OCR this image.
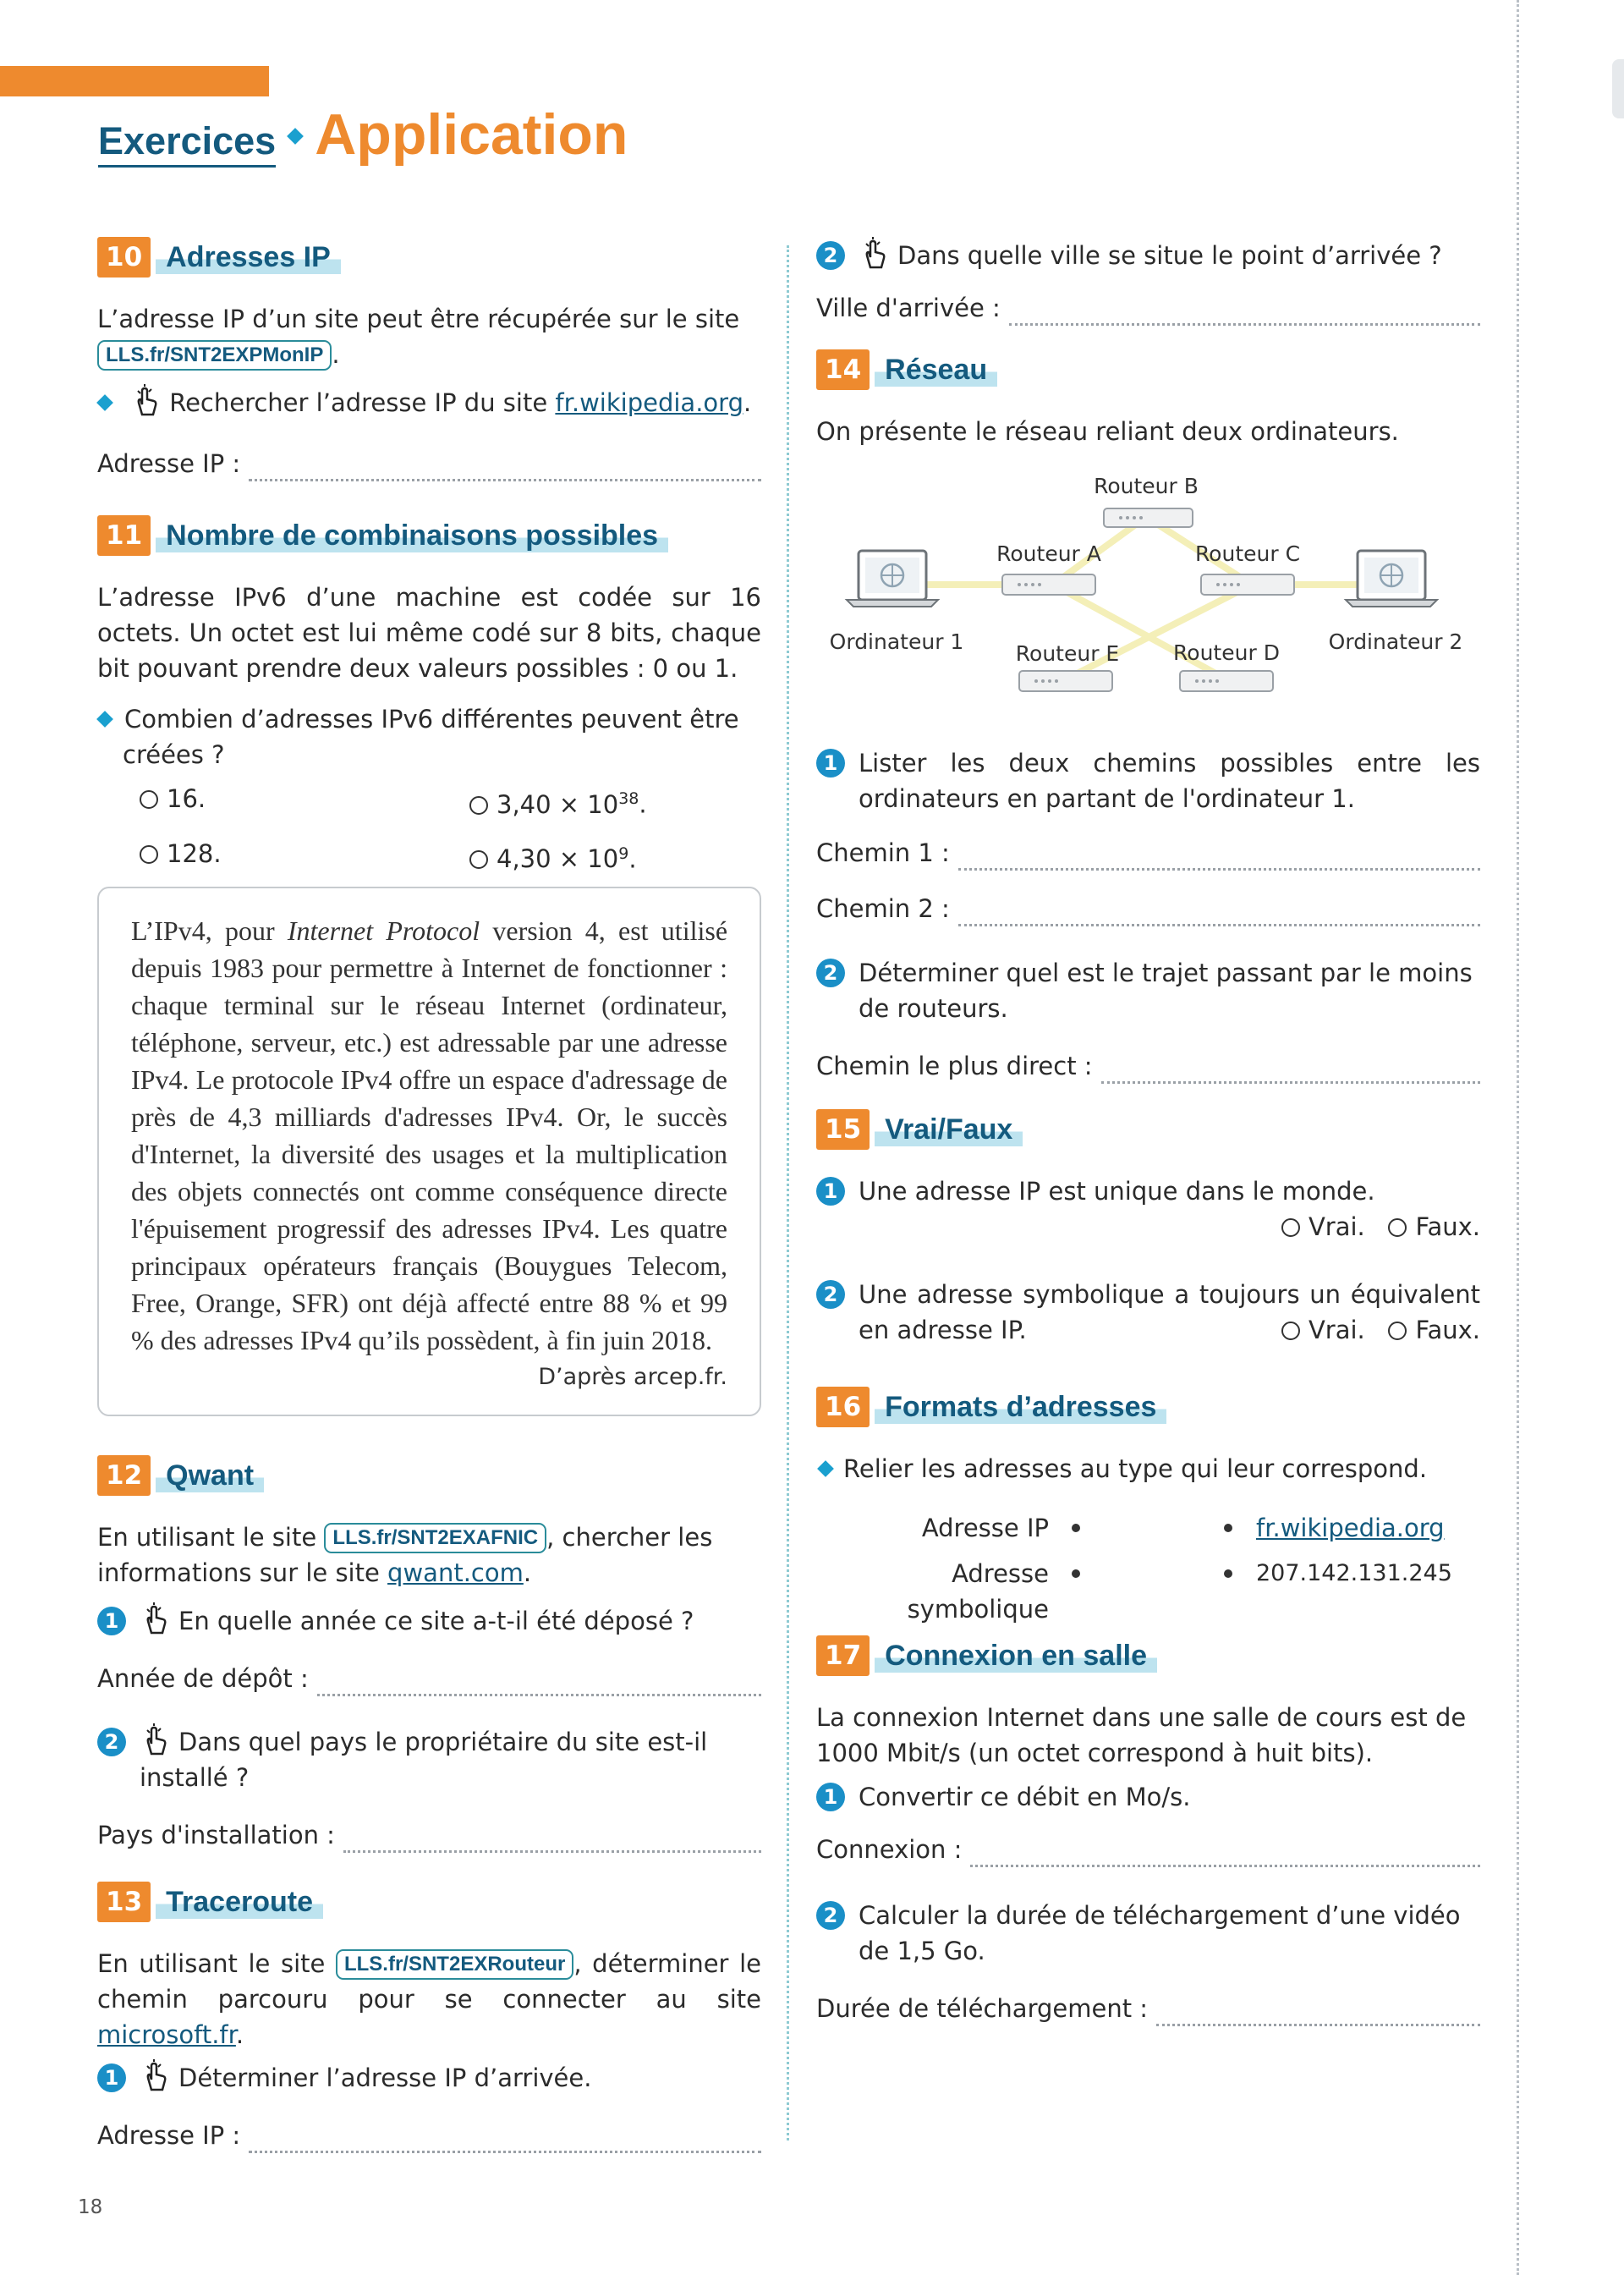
Exercices Application
10 Adresses IP

L’adresse IP d’un site peut être récupérée sur le site
LLS.fr/SNT2EXPMonIP .

Rechercher l’adresse IP du site fr.wikipedia.org.

Adresse IP :
11 Nombre de combinaisons possibles

L’adresse IPv6 d’une machine est codée sur 16 octets. Un octet est lui même codé sur 8 bits, chaque bit pouvant prendre deux valeurs possibles : 0 ou 1.

Combien d’adresses IPv6 différentes peuvent être créées ?

16.	$3,40 \times 10^{38}$.
128.	$4,30 \times 10^9$.
L’IPv4, pour Internet Protocol version 4, est utilisé depuis 1983 pour permettre à Internet de fonctionner : chaque terminal sur le réseau Internet (ordinateur, téléphone, serveur, etc.) est adressable par une adresse IPv4. Le protocole IPv4 offre un espace d'adressage de près de 4,3 milliards d'adresses IPv4. Or, le succès d'Internet, la diversité des usages et la multiplication des objets connectés ont comme conséquence directe l'épuisement progressif des adresses IPv4. Les quatre principaux opérateurs français (Bouygues Telecom, Free, Orange, SFR) ont déjà affecté entre 88 % et 99 % des adresses IPv4 qu’ils possèdent, à fin juin 2018.
D’après arcep.fr.
12 Qwant

En utilisant le site LLS.fr/SNT2EXAFNIC , chercher les informations sur le site qwant.com.

1 En quelle année ce site a-t-il été déposé ?

Année de dépôt :

2 Dans quel pays le propriétaire du site est-il installé ?

Pays d'installation :
13 Traceroute

En utilisant le site LLS.fr/SNT2EXRouteur , déterminer le chemin parcouru pour se connecter au site microsoft.fr.

1 Déterminer l’adresse IP d’arrivée.

Adresse IP :

2 Dans quelle ville se situe le point d’arrivée ?

Ville d'arrivée :
14 Réseau

On présente le réseau reliant deux ordinateurs.

Routeur B
Routeur A	Routeur C
Routeur E	Routeur D
Ordinateur 1	Ordinateur 2

1 Lister les deux chemins possibles entre les ordinateurs en partant de l'ordinateur 1.

Chemin 1 :
Chemin 2 :

2 Déterminer quel est le trajet passant par le moins de routeurs.

Chemin le plus direct :
15 Vrai/Faux

1 Une adresse IP est unique dans le monde.

Vrai. Faux.

2 Une adresse symbolique a toujours un équivalent en adresse IP.	Vrai. Faux.
16 Formats d’adresses

Relier les adresses au type qui leur correspond.

Adresse IP
Adresse symbolique
fr.wikipedia.org
207.142.131.245
17 Connexion en salle

La connexion Internet dans une salle de cours est de 1000 Mbit/s (un octet correspond à huit bits).

1 Convertir ce débit en Mo/s.

Connexion :

2 Calculer la durée de téléchargement d’une vidéo de 1,5 Go.

Durée de téléchargement :
18
